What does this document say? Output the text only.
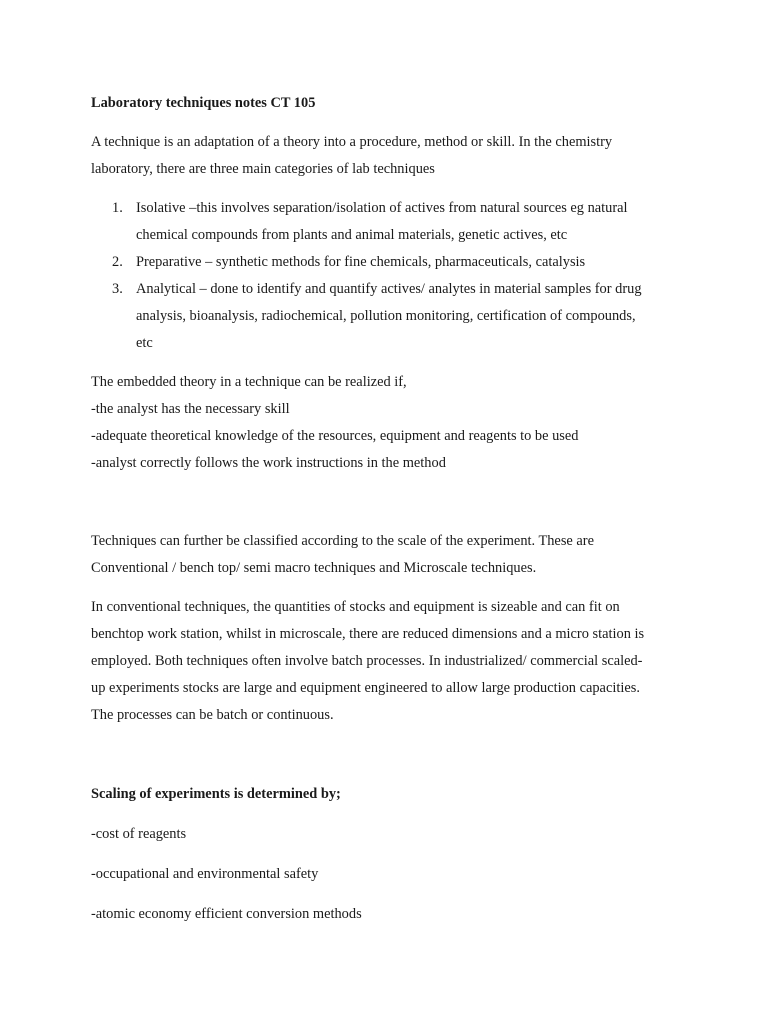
Laboratory techniques notes CT 105
A technique is an adaptation of a theory into a procedure, method or skill. In the chemistry
laboratory, there are three main categories of lab techniques
1. Isolative –this involves separation/isolation of actives from natural sources eg natural
chemical compounds from plants and animal materials, genetic actives, etc
2. Preparative – synthetic methods for fine chemicals, pharmaceuticals, catalysis
3. Analytical – done to identify and quantify actives/ analytes in material samples for drug
analysis, bioanalysis, radiochemical, pollution monitoring, certification of compounds,
etc
The embedded theory in a technique can be realized if,
-the analyst has the necessary skill
-adequate theoretical knowledge of the resources, equipment and reagents to be used
-analyst correctly follows the work instructions in the method
Techniques can further be classified according to the scale of the experiment. These are
Conventional / bench top/ semi macro techniques and Microscale techniques.
In conventional techniques, the quantities of stocks and equipment is sizeable and can fit on
benchtop work station, whilst in microscale, there are reduced dimensions and a micro station is
employed. Both techniques often involve batch processes. In industrialized/ commercial scaled-
up experiments stocks are large and equipment engineered to allow large production capacities.
The processes can be batch or continuous.
Scaling of experiments is determined by;
-cost of reagents
-occupational and environmental safety
-atomic economy efficient conversion methods
